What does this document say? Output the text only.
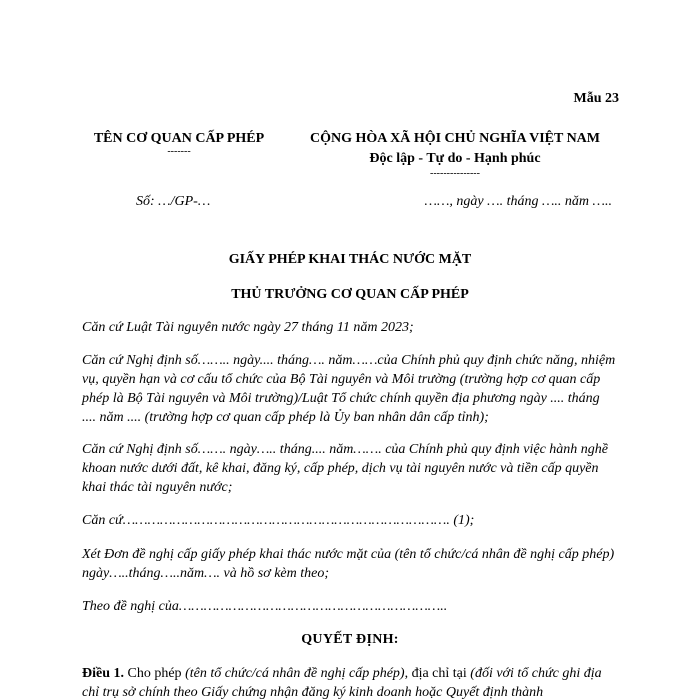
Mẫu 23
TÊN CƠ QUAN CẤP PHÉP
-------
CỘNG HÒA XÃ HỘI CHỦ NGHĨA VIỆT NAM
Độc lập - Tự do - Hạnh phúc
---------------
Số: …/GP-…	……, ngày …. tháng ….. năm …..
GIẤY PHÉP KHAI THÁC NƯỚC MẶT
THỦ TRƯỞNG CƠ QUAN CẤP PHÉP
Căn cứ Luật Tài nguyên nước ngày 27 tháng 11 năm 2023;
Căn cứ Nghị định số…….. ngày.... tháng…. năm……của Chính phủ quy định chức năng, nhiệm vụ, quyền hạn và cơ cấu tổ chức của Bộ Tài nguyên và Môi trường (trường hợp cơ quan cấp phép là Bộ Tài nguyên và Môi trường)/Luật Tổ chức chính quyền địa phương ngày .... tháng .... năm .... (trường hợp cơ quan cấp phép là Ủy ban nhân dân cấp tỉnh);
Căn cứ Nghị định số……. ngày….. tháng.... năm……. của Chính phủ quy định việc hành nghề khoan nước dưới đất, kê khai, đăng ký, cấp phép, dịch vụ tài nguyên nước và tiền cấp quyền khai thác tài nguyên nước;
Căn cứ……………………………………………………………………. (1);
Xét Đơn đề nghị cấp giấy phép khai thác nước mặt của (tên tổ chức/cá nhân đề nghị cấp phép) ngày…..tháng…..năm…. và hồ sơ kèm theo;
Theo đề nghị của………………………………………………………..
QUYẾT ĐỊNH:
Điều 1. Cho phép (tên tổ chức/cá nhân đề nghị cấp phép), địa chỉ tại (đối với tổ chức ghi địa chỉ trụ sở chính theo Giấy chứng nhận đăng ký kinh doanh hoặc Quyết định thành
